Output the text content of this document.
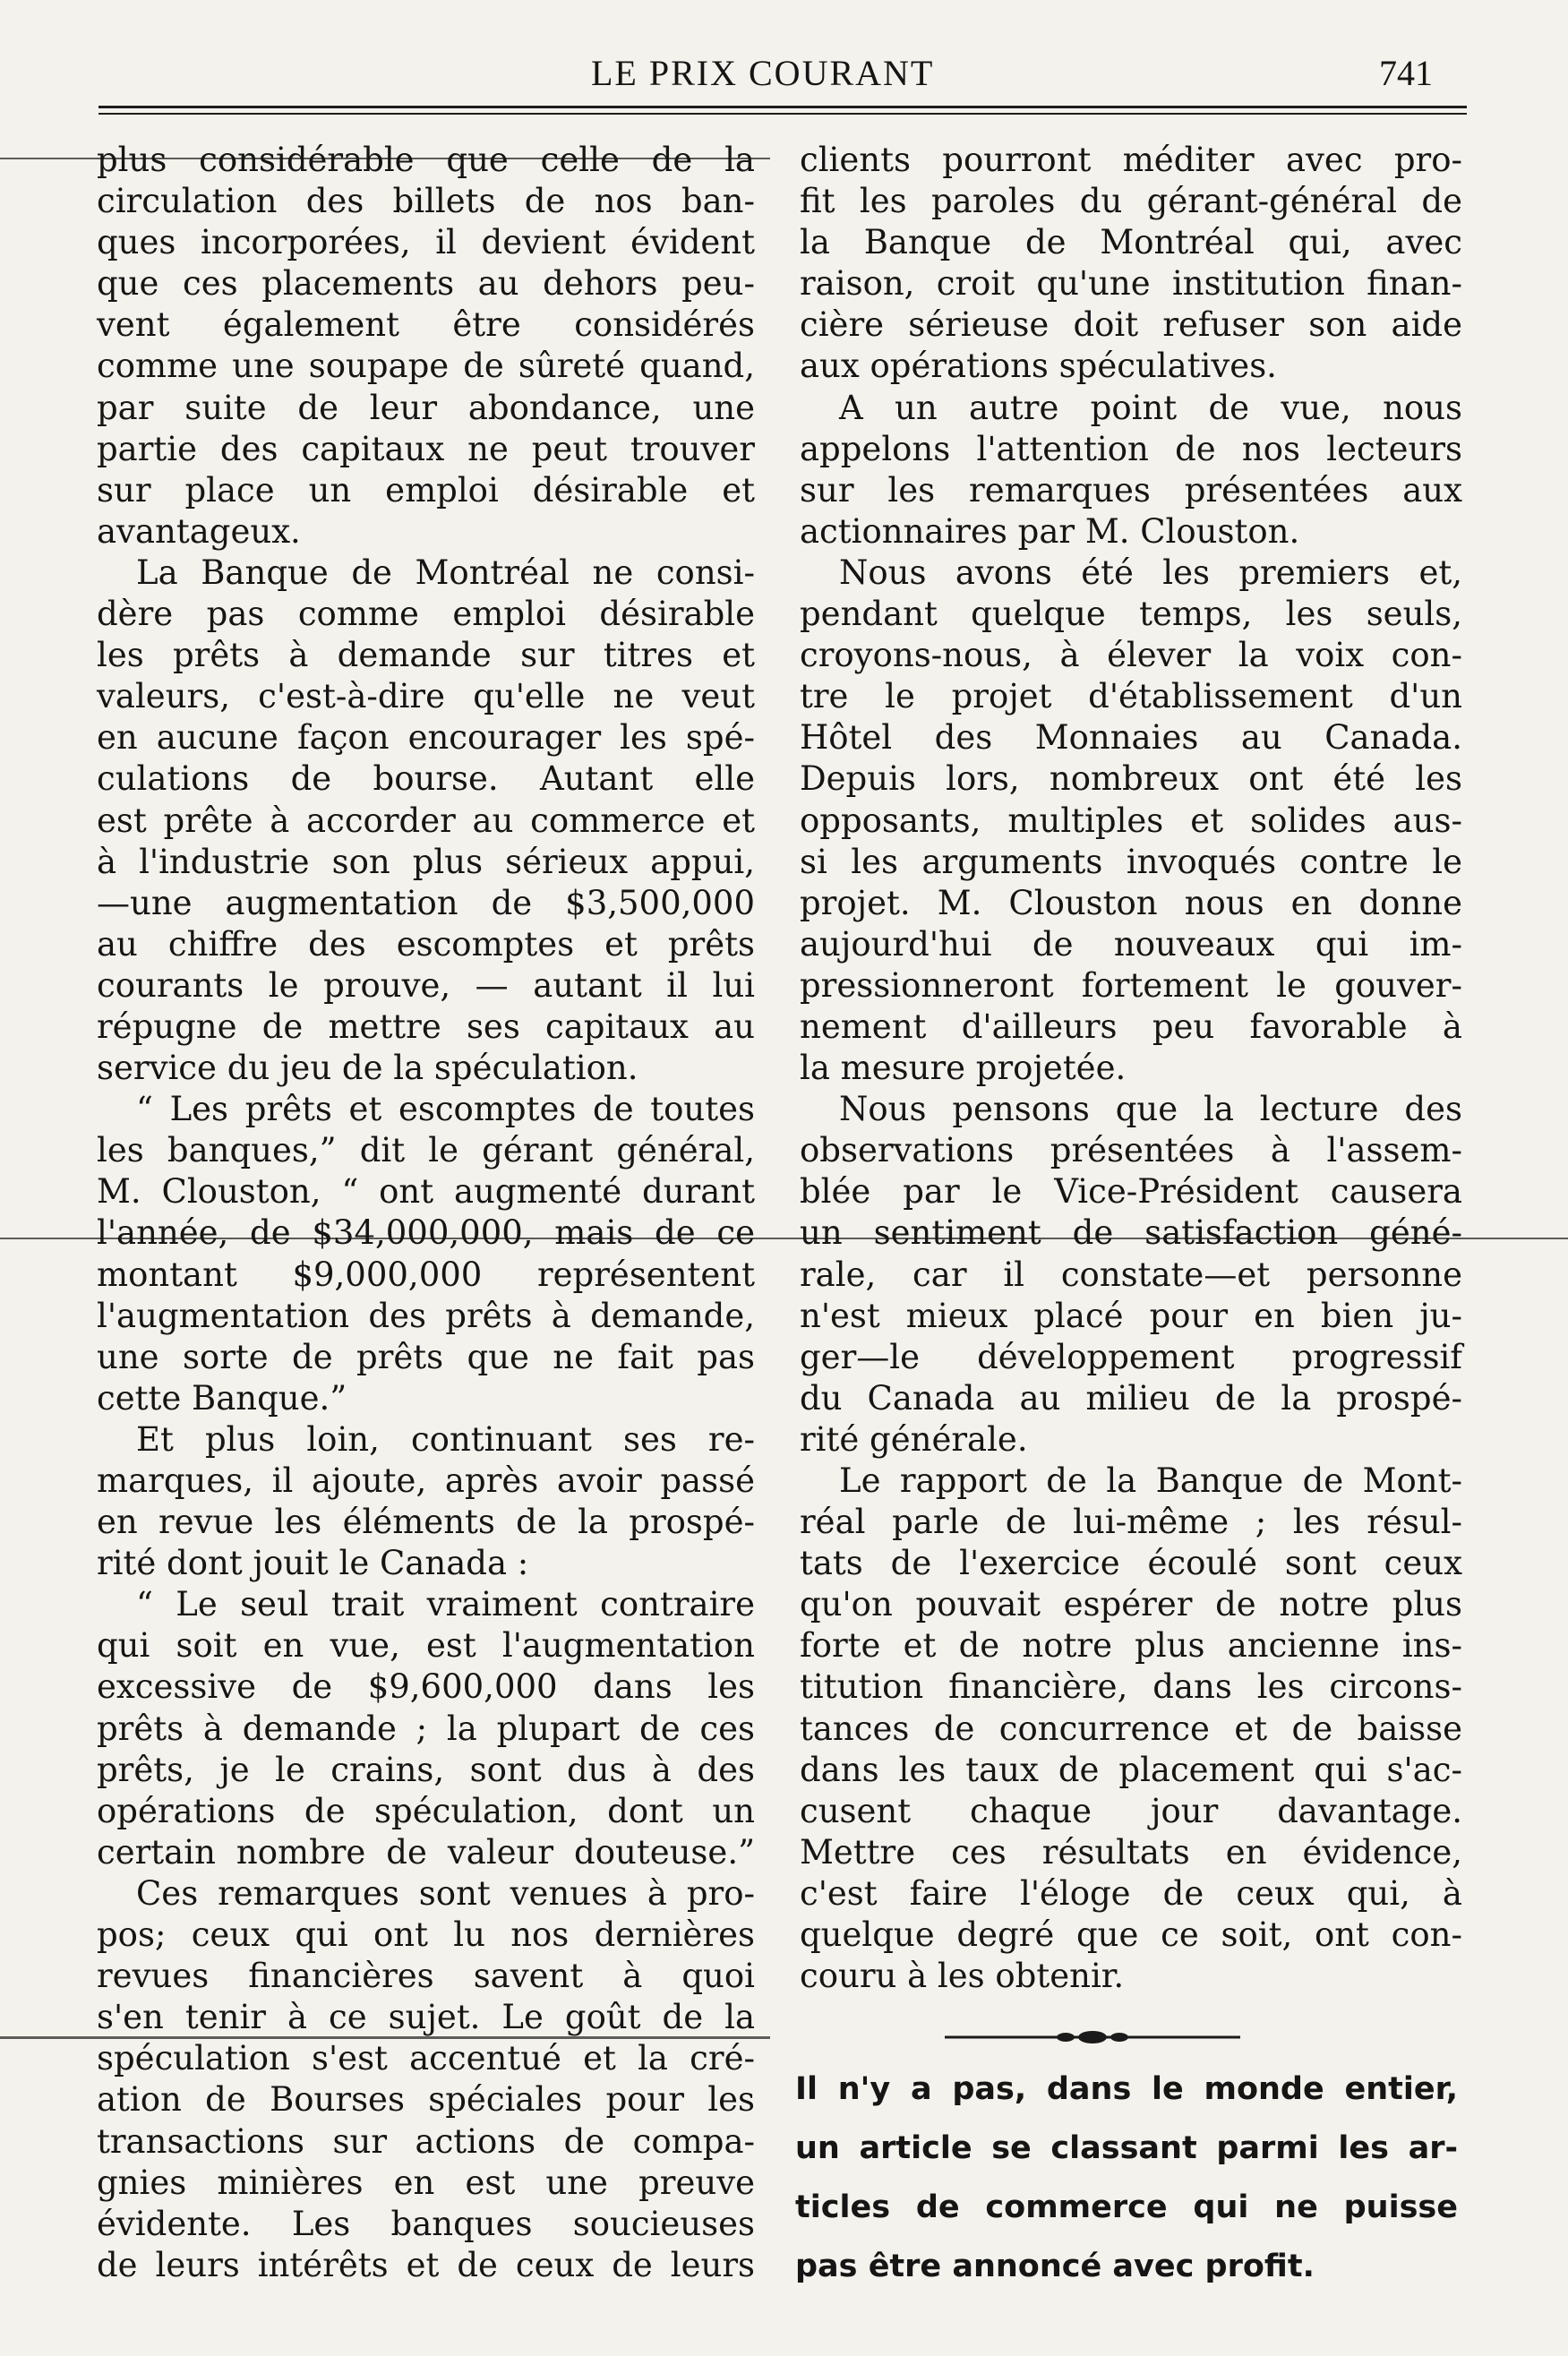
LE PRIX COURANT	741
plus considérable que celle de la
circulation des billets de nos ban-
ques incorporées, il devient évident
que ces placements au dehors peu-
vent également être considérés
comme une soupape de sûreté quand,
par suite de leur abondance, une
partie des capitaux ne peut trouver
sur place un emploi désirable et
avantageux.
La Banque de Montréal ne consi-
dère pas comme emploi désirable
les prêts à demande sur titres et
valeurs, c'est-à-dire qu'elle ne veut
en aucune façon encourager les spé-
culations de bourse. Autant elle
est prête à accorder au commerce et
à l'industrie son plus sérieux appui,
—une augmentation de $3,500,000
au chiffre des escomptes et prêts
courants le prouve, — autant il lui
répugne de mettre ses capitaux au
service du jeu de la spéculation.
“ Les prêts et escomptes de toutes
les banques,” dit le gérant général,
M. Clouston, “ ont augmenté durant
l'année, de $34,000,000, mais de ce
montant $9,000,000 représentent
l'augmentation des prêts à demande,
une sorte de prêts que ne fait pas
cette Banque.”
Et plus loin, continuant ses re-
marques, il ajoute, après avoir passé
en revue les éléments de la prospé-
rité dont jouit le Canada :
“ Le seul trait vraiment contraire
qui soit en vue, est l'augmentation
excessive de $9,600,000 dans les
prêts à demande ; la plupart de ces
prêts, je le crains, sont dus à des
opérations de spéculation, dont un
certain nombre de valeur douteuse.”
Ces remarques sont venues à pro-
pos; ceux qui ont lu nos dernières
revues financières savent à quoi
s'en tenir à ce sujet. Le goût de la
spéculation s'est accentué et la cré-
ation de Bourses spéciales pour les
transactions sur actions de compa-
gnies minières en est une preuve
évidente. Les banques soucieuses
de leurs intérêts et de ceux de leurs
clients pourront méditer avec pro-
fit les paroles du gérant-général de
la Banque de Montréal qui, avec
raison, croit qu'une institution finan-
cière sérieuse doit refuser son aide
aux opérations spéculatives.
A un autre point de vue, nous
appelons l'attention de nos lecteurs
sur les remarques présentées aux
actionnaires par M. Clouston.
Nous avons été les premiers et,
pendant quelque temps, les seuls,
croyons-nous, à élever la voix con-
tre le projet d'établissement d'un
Hôtel des Monnaies au Canada.
Depuis lors, nombreux ont été les
opposants, multiples et solides aus-
si les arguments invoqués contre le
projet. M. Clouston nous en donne
aujourd'hui de nouveaux qui im-
pressionneront fortement le gouver-
nement d'ailleurs peu favorable à
la mesure projetée.
Nous pensons que la lecture des
observations présentées à l'assem-
blée par le Vice-Président causera
un sentiment de satisfaction géné-
rale, car il constate—et personne
n'est mieux placé pour en bien ju-
ger—le développement progressif
du Canada au milieu de la prospé-
rité générale.
Le rapport de la Banque de Mont-
réal parle de lui-même ; les résul-
tats de l'exercice écoulé sont ceux
qu'on pouvait espérer de notre plus
forte et de notre plus ancienne ins-
titution financière, dans les circons-
tances de concurrence et de baisse
dans les taux de placement qui s'ac-
cusent chaque jour davantage.
Mettre ces résultats en évidence,
c'est faire l'éloge de ceux qui, à
quelque degré que ce soit, ont con-
couru à les obtenir.
Il n'y a pas, dans le monde entier,
un article se classant parmi les ar-
ticles de commerce qui ne puisse
pas être annoncé avec profit.
